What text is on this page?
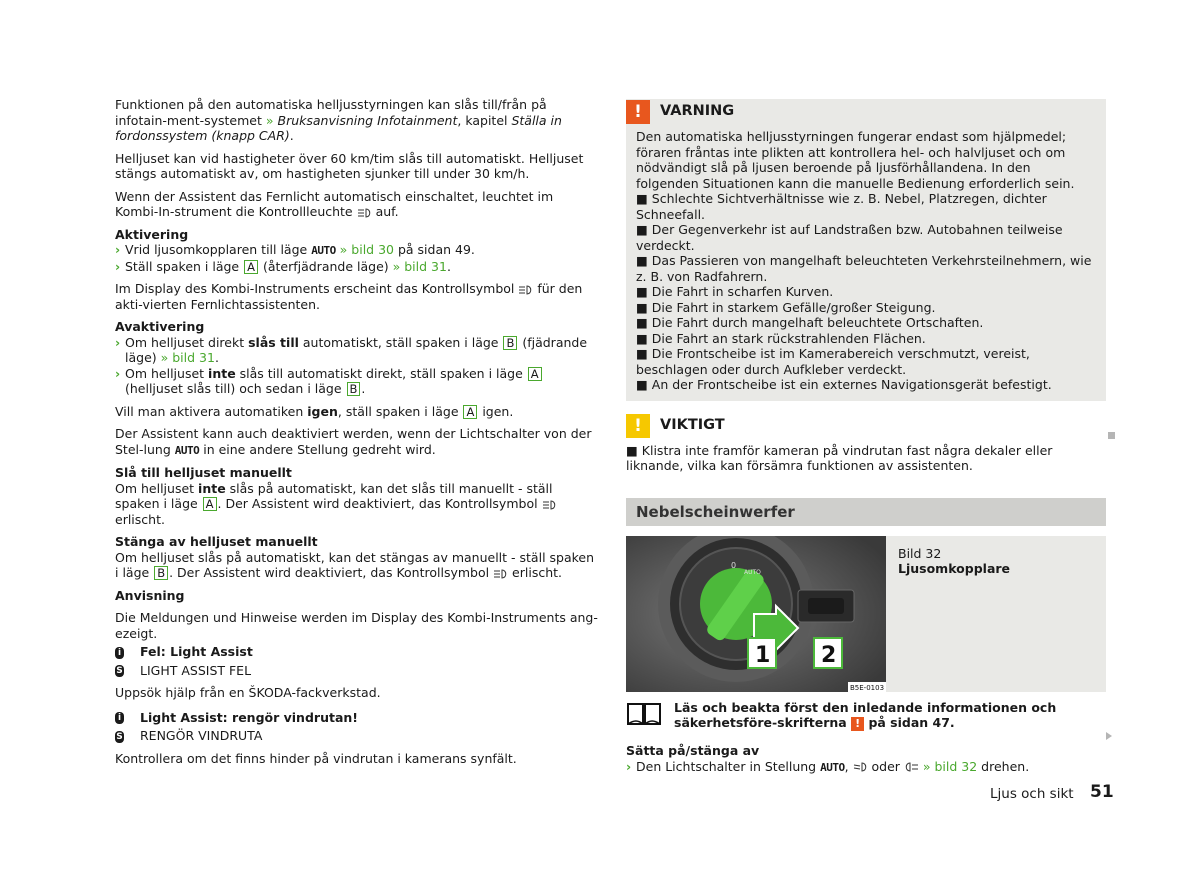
Funktionen på den automatiska helljusstyrningen kan slås till/från på infotain-ment-systemet » Bruksanvisning Infotainment, kapitel Ställa in fordonssystem (knapp CAR).

Helljuset kan vid hastigheter över 60 km/tim slås till automatiskt. Helljuset stängs automatiskt av, om hastigheten sjunker till under 30 km/h.

Wenn der Assistent das Fernlicht automatisch einschaltet, leuchtet im Kombi-In-strument die Kontrollleuchte  auf.

Aktivering

› Vrid ljusomkopplaren till läge AUTO » bild 30 på sidan 49.

› Ställ spaken i läge A (återfjädrande läge) » bild 31.

Im Display des Kombi-Instruments erscheint das Kontrollsymbol  für den akti-vierten Fernlichtassistenten.

Avaktivering

› Om helljuset direkt slås till automatiskt, ställ spaken i läge B (fjädrande läge) » bild 31.

› Om helljuset inte slås till automatiskt direkt, ställ spaken i läge A (helljuset slås till) och sedan i läge B .

Vill man aktivera automatiken igen, ställ spaken i läge A igen.

Der Assistent kann auch deaktiviert werden, wenn der Lichtschalter von der Stel-lung AUTO in eine andere Stellung gedreht wird.

Slå till helljuset manuellt

Om helljuset inte slås på automatiskt, kan det slås till manuellt - ställ spaken i läge A . Der Assistent wird deaktiviert, das Kontrollsymbol  erlischt.

Stänga av helljuset manuellt

Om helljuset slås på automatiskt, kan det stängas av manuellt - ställ spaken i läge B . Der Assistent wird deaktiviert, das Kontrollsymbol  erlischt.

Anvisning

Die Meldungen und Hinweise werden im Display des Kombi-Instruments ang-ezeigt.

i Fel: Light Assist

S LIGHT ASSIST FEL

Uppsök hjälp från en ŠKODA-fackverkstad.

i Light Assist: rengör vindrutan!

S RENGÖR VINDRUTA

Kontrollera om det finns hinder på vindrutan i kamerans synfält.

!	VARNING

Den automatiska helljusstyrningen fungerar endast som hjälpmedel; föraren fråntas inte plikten att kontrollera hel- och halvljuset och om nödvändigt slå på ljusen beroende på ljusförhållandena. In den folgenden Situationen kann die manuelle Bedienung erforderlich sein.

■ Schlechte Sichtverhältnisse wie z. B. Nebel, Platzregen, dichter Schneefall.

■ Der Gegenverkehr ist auf Landstraßen bzw. Autobahnen teilweise verdeckt.

■ Das Passieren von mangelhaft beleuchteten Verkehrsteilnehmern, wie z. B. von Radfahrern.

■ Die Fahrt in scharfen Kurven.

■ Die Fahrt in starkem Gefälle/großer Steigung.

■ Die Fahrt durch mangelhaft beleuchtete Ortschaften.

■ Die Fahrt an stark rückstrahlenden Flächen.

■ Die Frontscheibe ist im Kamerabereich verschmutzt, vereist, beschlagen oder durch Aufkleber verdeckt.

■ An der Frontscheibe ist ein externes Navigationsgerät befestigt.

!	VIKTIGT

■ Klistra inte framför kameran på vindrutan fast några dekaler eller liknande, vilka kan försämra funktionen av assistenten.

Nebelscheinwerfer
0
AUTO
1 2
B5E-0103
Bild 32
Ljusomkopplare
Läs och beakta först den inledande informationen och säkerhetsföre-skrifterna ! på sidan 47.

Sätta på/stänga av

› Den Lichtschalter in Stellung AUTO,  oder  » bild 32 drehen.

Ljus och sikt 51
